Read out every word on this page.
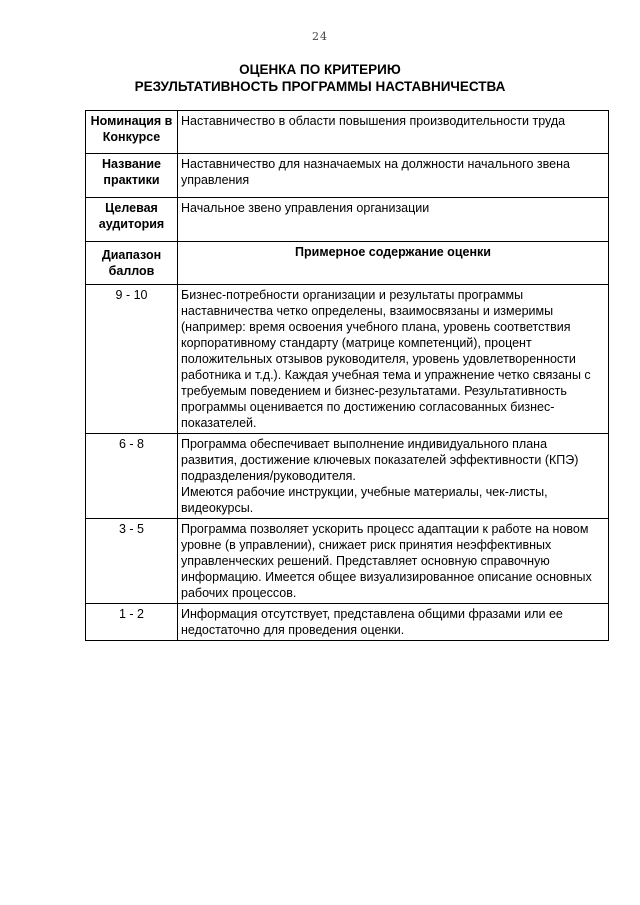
24
ОЦЕНКА ПО КРИТЕРИЮ
РЕЗУЛЬТАТИВНОСТЬ ПРОГРАММЫ НАСТАВНИЧЕСТВА
Номинация в Конкурсе	Наставничество в области повышения производительности труда
Название практики	Наставничество для назначаемых на должности начального звена управления
Целевая аудитория	Начальное звено управления организации
Диапазон баллов	Примерное содержание оценки
9 - 10	Бизнес-потребности организации и результаты программы наставничества четко определены, взаимосвязаны и измеримы (например: время освоения учебного плана, уровень соответствия корпоративному стандарту (матрице компетенций), процент положительных отзывов руководителя, уровень удовлетворенности работника и т.д.). Каждая учебная тема и упражнение четко связаны с требуемым поведением и бизнес-результатами. Результативность программы оценивается по достижению согласованных бизнес-показателей.
6 - 8	Программа обеспечивает выполнение индивидуального плана развития, достижение ключевых показателей эффективности (КПЭ) подразделения/руководителя.
Имеются рабочие инструкции, учебные материалы, чек-листы, видеокурсы.

3 - 5	Программа позволяет ускорить процесс адаптации к работе на новом уровне (в управлении), снижает риск принятия неэффективных управленческих решений. Представляет основную справочную информацию. Имеется общее визуализированное описание основных рабочих процессов.
1 - 2	Информация отсутствует, представлена общими фразами или ее недостаточно для проведения оценки.
